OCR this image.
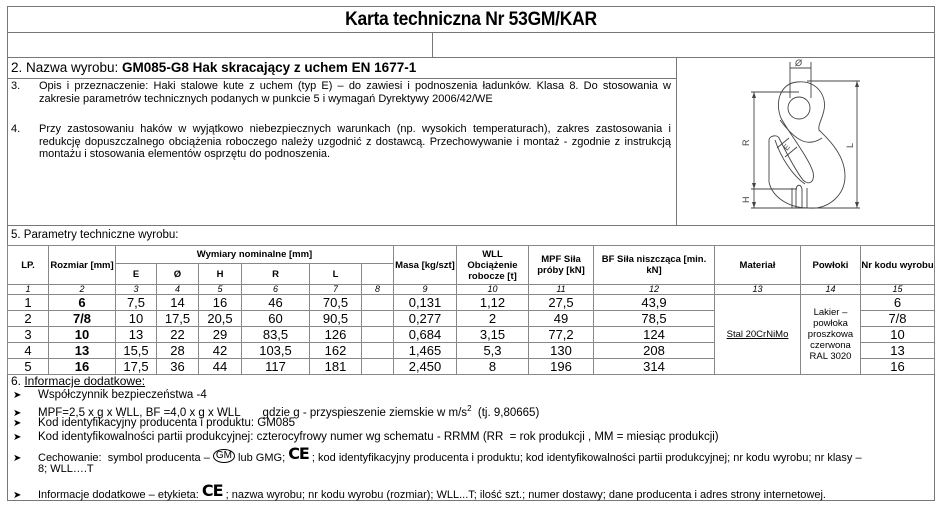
Karta techniczna Nr 53GM/KAR
2. Nazwa wyrobu: GM085-G8 Hak skracający z uchem EN 1677-1
3. Opis i przeznaczenie: Haki stalowe kute z uchem (typ E) – do zawiesi i podnoszenia ładunków. Klasa 8. Do stosowania w zakresie parametrów technicznych podanych w punkcie 5 i wymagań Dyrektywy 2006/42/WE
4. Przy zastosowaniu haków w wyjątkowo niebezpiecznych warunkach (np. wysokich temperaturach), zakres zastosowania i redukcję dopuszczalnego obciążenia roboczego należy uzgodnić z dostawcą. Przechowywanie i montaż - zgodnie z instrukcją montażu i stosowania elementów osprzętu do podnoszenia.
Ø
R	E
H
L
5. Parametry techniczne wyrobu:
LP.	Rozmiar [mm]	Wymiary nominalne [mm]						Masa [kg/szt]	WLL Obciążenie robocze [t]	MPF Siła próby [kN]	BF Siła niszcząca [min. kN]	Materiał	Powłoki	Nr kodu wyrobu
		E	Ø	H	R	L								
1	2	3	4	5	6	7	8	9	10	11	12	13	14	15
1	6	7,5	14	16	46	70,5		0,131	1,12	27,5	43,9	Stal 20CrNiMo	Lakier – powłoka proszkowa czerwona RAL 3020	6
2	7/8	10	17,5	20,5	60	90,5		0,277	2	49	78,5			7/8
3	10	13	22	29	83,5	126		0,684	3,15	77,2	124			10
4	13	15,5	28	42	103,5	162		1,465	5,3	130	208			13
5	16	17,5	36	44	117	181		2,450	8	196	314			16
6. Informacje dodatkowe:
➤ Współczynnik bezpieczeństwa -4
➤ MPF=2,5 x g x WLL, BF =4,0 x g x WLL       gdzie g - przyspieszenie ziemskie w $m/s^2$  (tj. 9,80665)
➤ Kod identyfikacyjny producenta i produktu: GM085
➤ Kod identyfikowalności partii produkcyjnej: czterocyfrowy numer wg schematu - RRMM (RR  = rok produkcji , MM = miesiąc produkcji)
➤ Cechowanie:  symbol producenta – GM lub GMG; CE ; kod identyfikacyjny producenta i produktu; kod identyfikowalności partii produkcyjnej; nr kodu wyrobu; nr klasy –
8; WLL….T
➤ Informacje dodatkowe – etykieta: CE ; nazwa wyrobu; nr kodu wyrobu (rozmiar); WLL...T; ilość szt.; numer dostawy; dane producenta i adres strony internetowej.
